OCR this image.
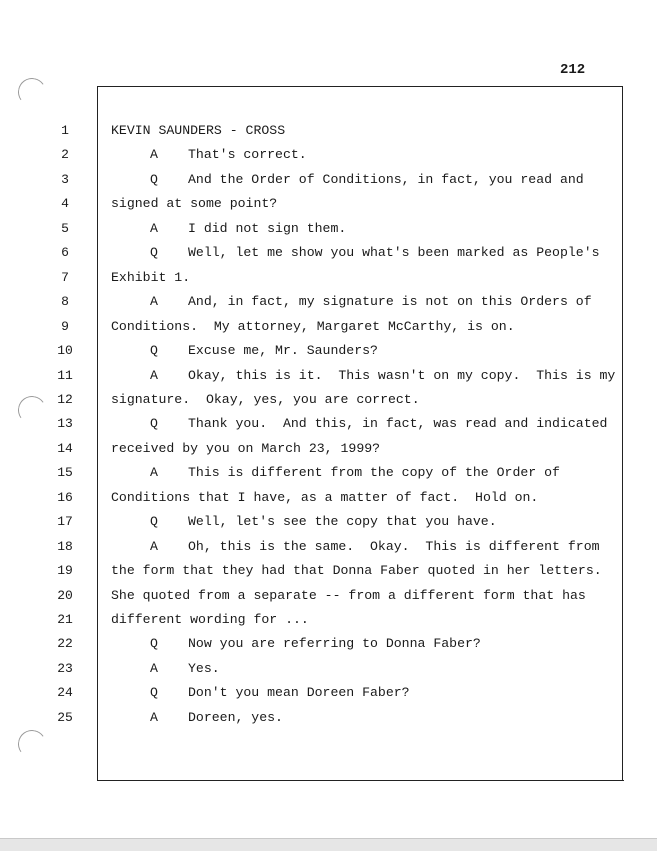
212
1	KEVIN SAUNDERS - CROSS
2	A That's correct.
3	Q And the Order of Conditions, in fact, you read and
4	signed at some point?
5	A I did not sign them.
6	Q Well, let me show you what's been marked as People's
7	Exhibit 1.
8	A And, in fact, my signature is not on this Orders of
9	Conditions.  My attorney, Margaret McCarthy, is on.
10	Q Excuse me, Mr. Saunders?
11	A Okay, this is it.  This wasn't on my copy.  This is my
12	signature.  Okay, yes, you are correct.
13	Q Thank you.  And this, in fact, was read and indicated
14	received by you on March 23, 1999?
15	A This is different from the copy of the Order of
16	Conditions that I have, as a matter of fact.  Hold on.
17	Q Well, let's see the copy that you have.
18	A Oh, this is the same.  Okay.  This is different from
19	the form that they had that Donna Faber quoted in her letters.
20	She quoted from a separate -- from a different form that has
21	different wording for ...
22	Q Now you are referring to Donna Faber?
23	A Yes.
24	Q Don't you mean Doreen Faber?
25	A Doreen, yes.
